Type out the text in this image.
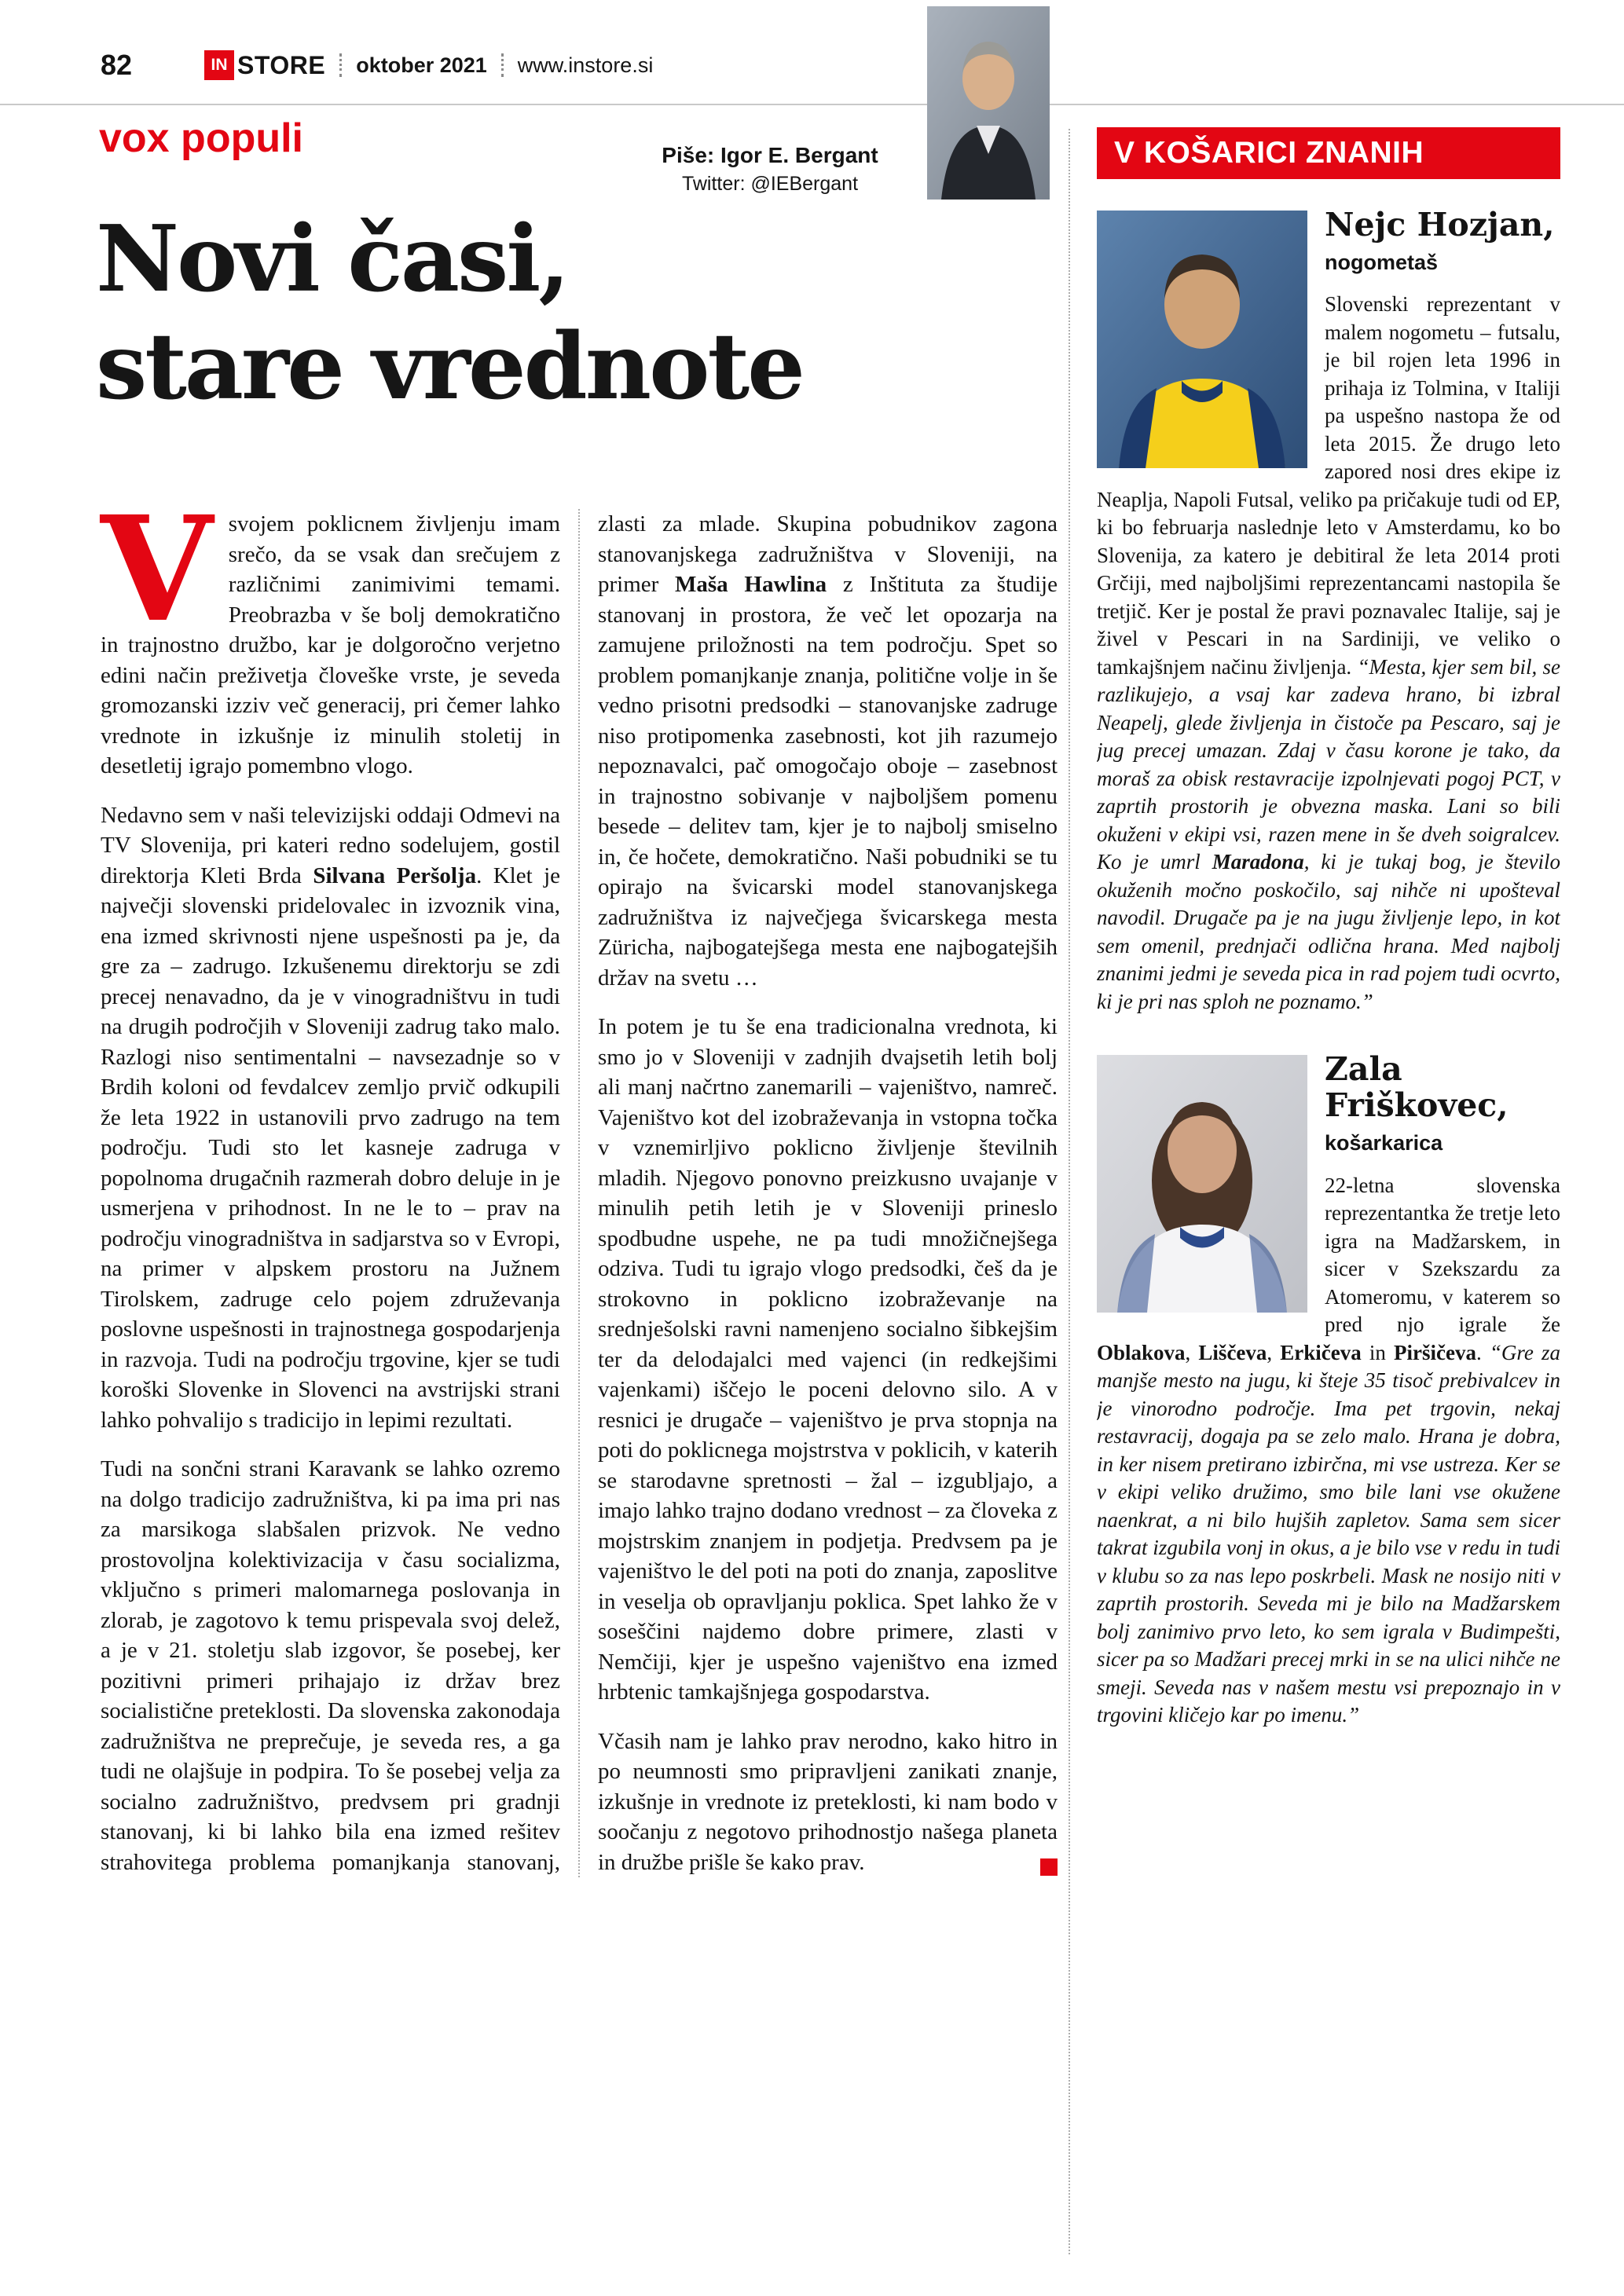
82	IN STORE oktober 2021 www.instore.si
vox populi	Piše: Igor E. Bergant
Twitter: @IEBergant
Novi časi,
stare vrednote

Vsvojem poklicnem življenju imam srečo, da se vsak dan srečujem z različnimi zanimivimi temami. Preobrazba v še bolj demokratično in trajnostno družbo, kar je dolgoročno verjetno edini način preživetja človeške vrste, je seveda gromozanski izziv več generacij, pri čemer lahko vrednote in izkušnje iz minulih stoletij in desetletij igrajo pomembno vlogo.

Nedavno sem v naši televizijski oddaji Odmevi na TV Slovenija, pri kateri redno sodelujem, gostil direktorja Kleti Brda Silvana Peršolja. Klet je največji slovenski pridelovalec in izvoznik vina, ena izmed skrivnosti njene uspešnosti pa je, da gre za – zadrugo. Izkušenemu direktorju se zdi precej nenavadno, da je v vinogradništvu in tudi na drugih področjih v Sloveniji zadrug tako malo. Razlogi niso sentimentalni – navsezadnje so v Brdih koloni od fevdalcev zemljo prvič odkupili že leta 1922 in ustanovili prvo zadrugo na tem področju. Tudi sto let kasneje zadruga v popolnoma drugačnih razmerah dobro deluje in je usmerjena v prihodnost. In ne le to – prav na področju vinogradništva in sadjarstva so v Evropi, na primer v alpskem prostoru na Južnem Tirolskem, zadruge celo pojem združevanja poslovne uspešnosti in trajnostnega gospodarjenja in razvoja. Tudi na področju trgovine, kjer se tudi koroški Slovenke in Slovenci na avstrijski strani lahko pohvalijo s tradicijo in lepimi rezultati.

Tudi na sončni strani Karavank se lahko ozremo na dolgo tradicijo zadružništva, ki pa ima pri nas za marsikoga slabšalen prizvok. Ne vedno prostovoljna kolektivizacija v času socializma, vključno s primeri malomarnega poslovanja in zlorab, je zagotovo k temu prispevala svoj delež, a je v 21. stoletju slab izgovor, še posebej, ker pozitivni primeri prihajajo iz držav brez socialistične preteklosti. Da slovenska zakonodaja zadružništva ne preprečuje, je seveda res, a ga tudi ne olajšuje in podpira. To še posebej velja za socialno zadružništvo, predvsem pri gradnji stanovanj, ki bi lahko bila ena izmed rešitev strahovitega problema pomanjkanja stanovanj, zlasti za mlade. Skupina pobudnikov zagona stanovanjskega zadružništva v Sloveniji, na primer Maša Hawlina z Inštituta za študije stanovanj in prostora, že več let opozarja na zamujene priložnosti na tem področju. Spet so problem pomanjkanje znanja, politične volje in še vedno prisotni predsodki – stanovanjske zadruge niso protipomenka zasebnosti, kot jih razumejo nepoznavalci, pač omogočajo oboje – zasebnost in trajnostno sobivanje v najboljšem pomenu besede – delitev tam, kjer je to najbolj smiselno in, če hočete, demokratično. Naši pobudniki se tu opirajo na švicarski model stanovanjskega zadružništva iz največjega švicarskega mesta Züricha, najbogatejšega mesta ene najbogatejših držav na svetu …

In potem je tu še ena tradicionalna vrednota, ki smo jo v Sloveniji v zadnjih dvajsetih letih bolj ali manj načrtno zanemarili – vajeništvo, namreč. Vajeništvo kot del izobraževanja in vstopna točka v vznemirljivo poklicno življenje številnih mladih. Njegovo ponovno preizkusno uvajanje v minulih petih letih je v Sloveniji prineslo spodbudne uspehe, ne pa tudi množičnejšega odziva. Tudi tu igrajo vlogo predsodki, češ da je strokovno in poklicno izobraževanje na srednješolski ravni namenjeno socialno šibkejšim ter da delodajalci med vajenci (in redkejšimi vajenkami) iščejo le poceni delovno silo. A v resnici je drugače – vajeništvo je prva stopnja na poti do poklicnega mojstrstva v poklicih, v katerih se starodavne spretnosti – žal – izgubljajo, a imajo lahko trajno dodano vrednost – za človeka z mojstrskim znanjem in podjetja. Predvsem pa je vajeništvo le del poti na poti do znanja, zaposlitve in veselja ob opravljanju poklica. Spet lahko že v soseščini najdemo dobre primere, zlasti v Nemčiji, kjer je uspešno vajeništvo ena izmed hrbtenic tamkajšnjega gospodarstva.

Včasih nam je lahko prav nerodno, kako hitro in po neumnosti smo pripravljeni zanikati znanje, izkušnje in vrednote iz preteklosti, ki nam bodo v soočanju z negotovo prihodnostjo našega planeta in družbe prišle še kako prav.

V KOŠARICI ZNANIH
Nejc Hozjan,
nogometaš

Slovenski reprezentant v malem nogometu – futsalu, je bil rojen leta 1996 in prihaja iz Tolmina, v Italiji pa uspešno nastopa že od leta 2015. Že drugo leto zapored nosi dres ekipe iz Neaplja, Napoli Futsal, veliko pa pričakuje tudi od EP, ki bo februarja naslednje leto v Amsterdamu, ko bo Slovenija, za katero je debitiral že leta 2014 proti Grčiji, med najboljšimi reprezentancami nastopila še tretjič. Ker je postal že pravi poznavalec Italije, saj je živel v Pescari in na Sardiniji, ve veliko o tamkajšnjem načinu življenja. “Mesta, kjer sem bil, se razlikujejo, a vsaj kar zadeva hrano, bi izbral Neapelj, glede življenja in čistoče pa Pescaro, saj je jug precej umazan. Zdaj v času korone je tako, da moraš za obisk restavracije izpolnjevati pogoj PCT, v zaprtih prostorih je obvezna maska. Lani so bili okuženi v ekipi vsi, razen mene in še dveh soigralcev. Ko je umrl Maradona, ki je tukaj bog, je število okuženih močno poskočilo, saj nihče ni upošteval navodil. Drugače pa je na jugu življenje lepo, in kot sem omenil, prednjači odlična hrana. Med najbolj znanimi jedmi je seveda pica in rad pojem tudi ocvrto, ki je pri nas sploh ne poznamo.”

Zala Friškovec,
košarkarica

22-letna slovenska reprezentantka že tretje leto igra na Madžarskem, in sicer v Szekszardu za Atomeromu, v katerem so pred njo igrale že Oblakova, Liščeva, Erkičeva in Piršičeva. “Gre za manjše mesto na jugu, ki šteje 35 tisoč prebivalcev in je vinorodno področje. Ima pet trgovin, nekaj restavracij, dogaja pa se zelo malo. Hrana je dobra, in ker nisem pretirano izbirčna, mi vse ustreza. Ker se v ekipi veliko družimo, smo bile lani vse okužene naenkrat, a ni bilo hujših zapletov. Sama sem sicer takrat izgubila vonj in okus, a je bilo vse v redu in tudi v klubu so za nas lepo poskrbeli. Mask ne nosijo niti v zaprtih prostorih. Seveda mi je bilo na Madžarskem bolj zanimivo prvo leto, ko sem igrala v Budimpešti, sicer pa so Madžari precej mrki in se na ulici nihče ne smeji. Seveda nas v našem mestu vsi prepoznajo in v trgovini kličejo kar po imenu.”
